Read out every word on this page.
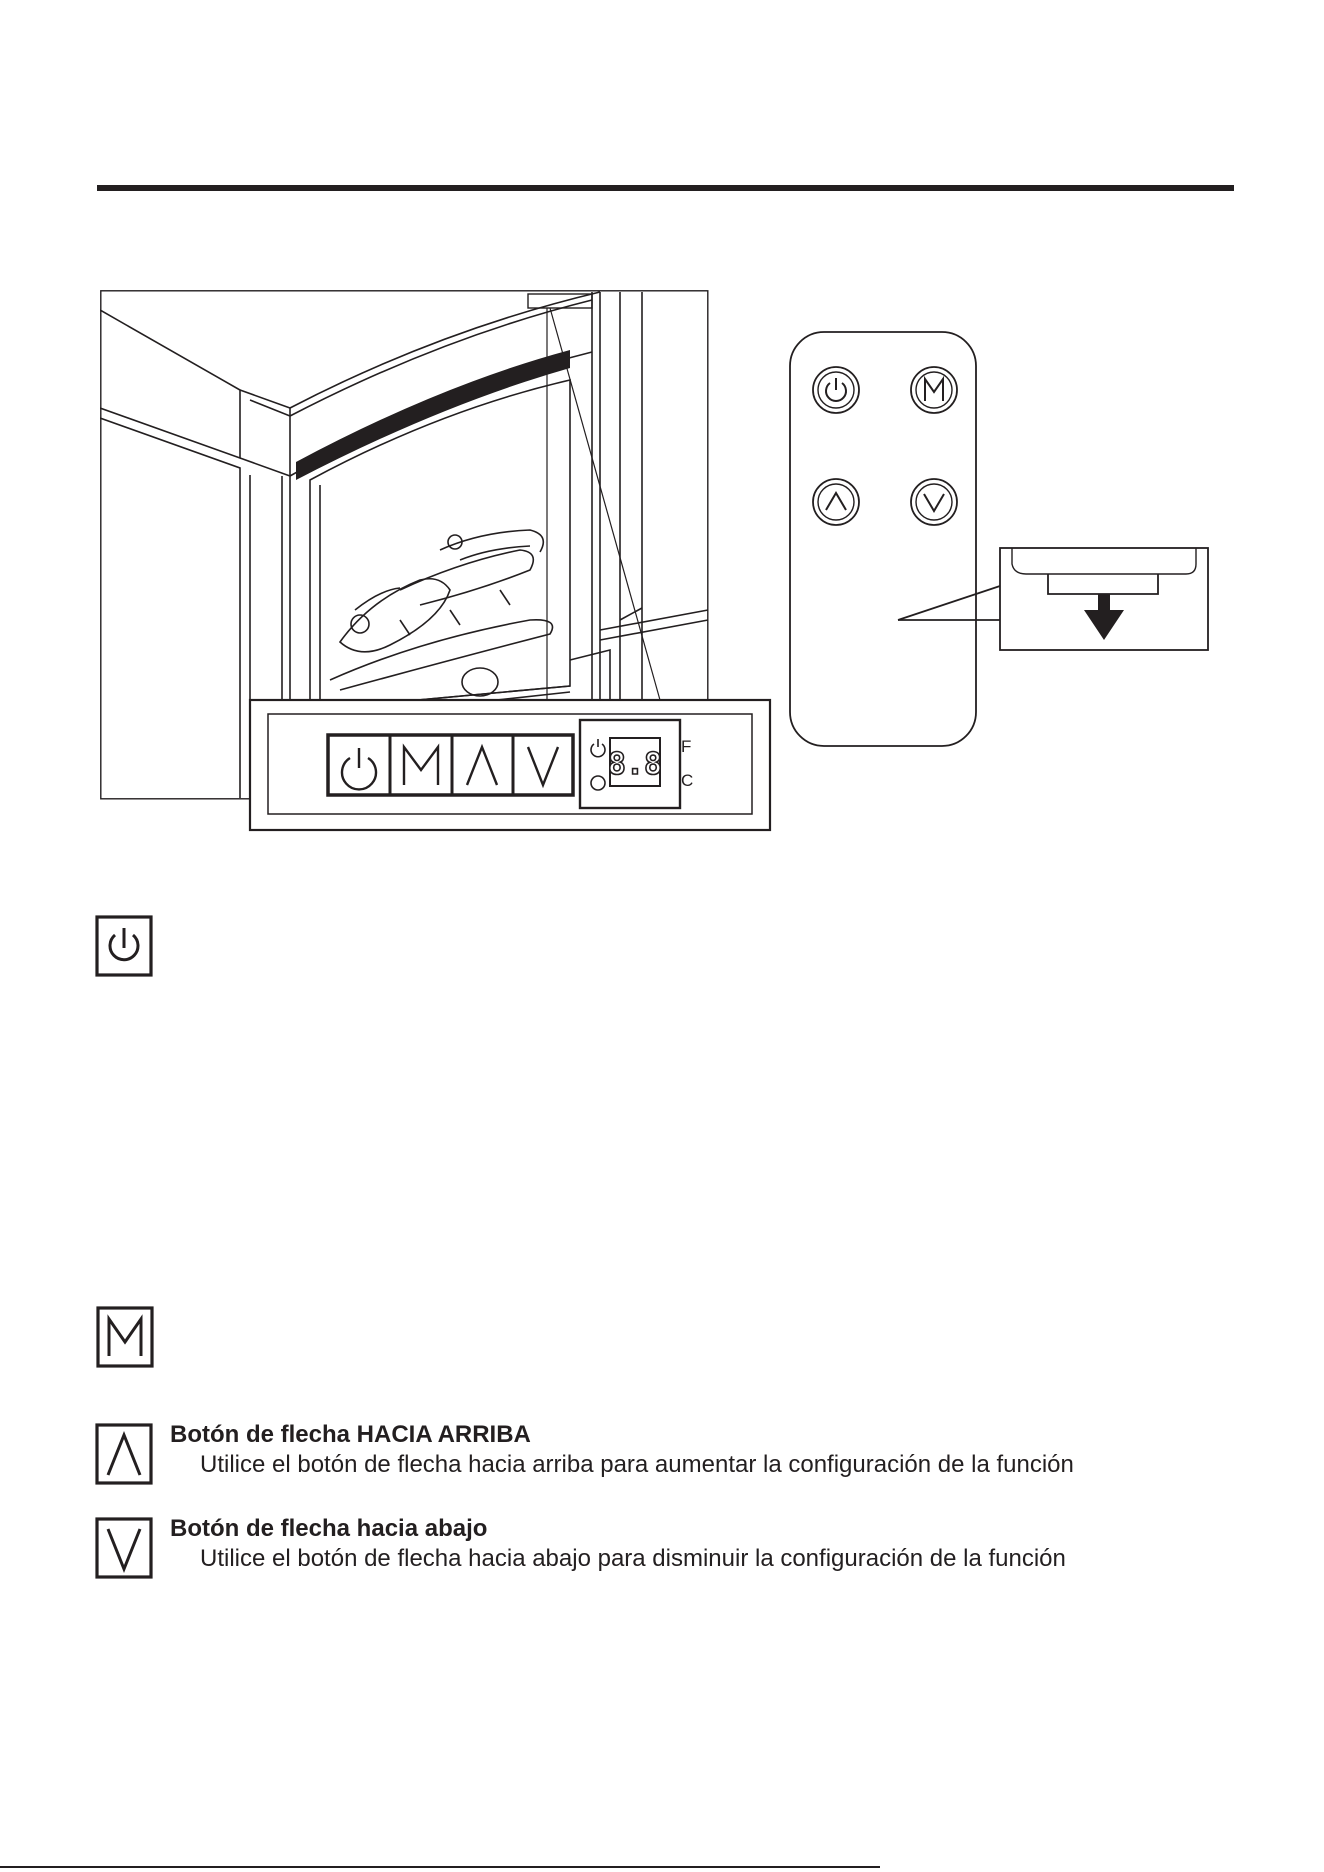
8.8
F
C
Botón de flecha HACIA ARRIBA
Utilice el botón de flecha hacia arriba para aumentar la configuración de la función
Botón de flecha hacia abajo
Utilice el botón de flecha hacia abajo para disminuir la configuración de la función
